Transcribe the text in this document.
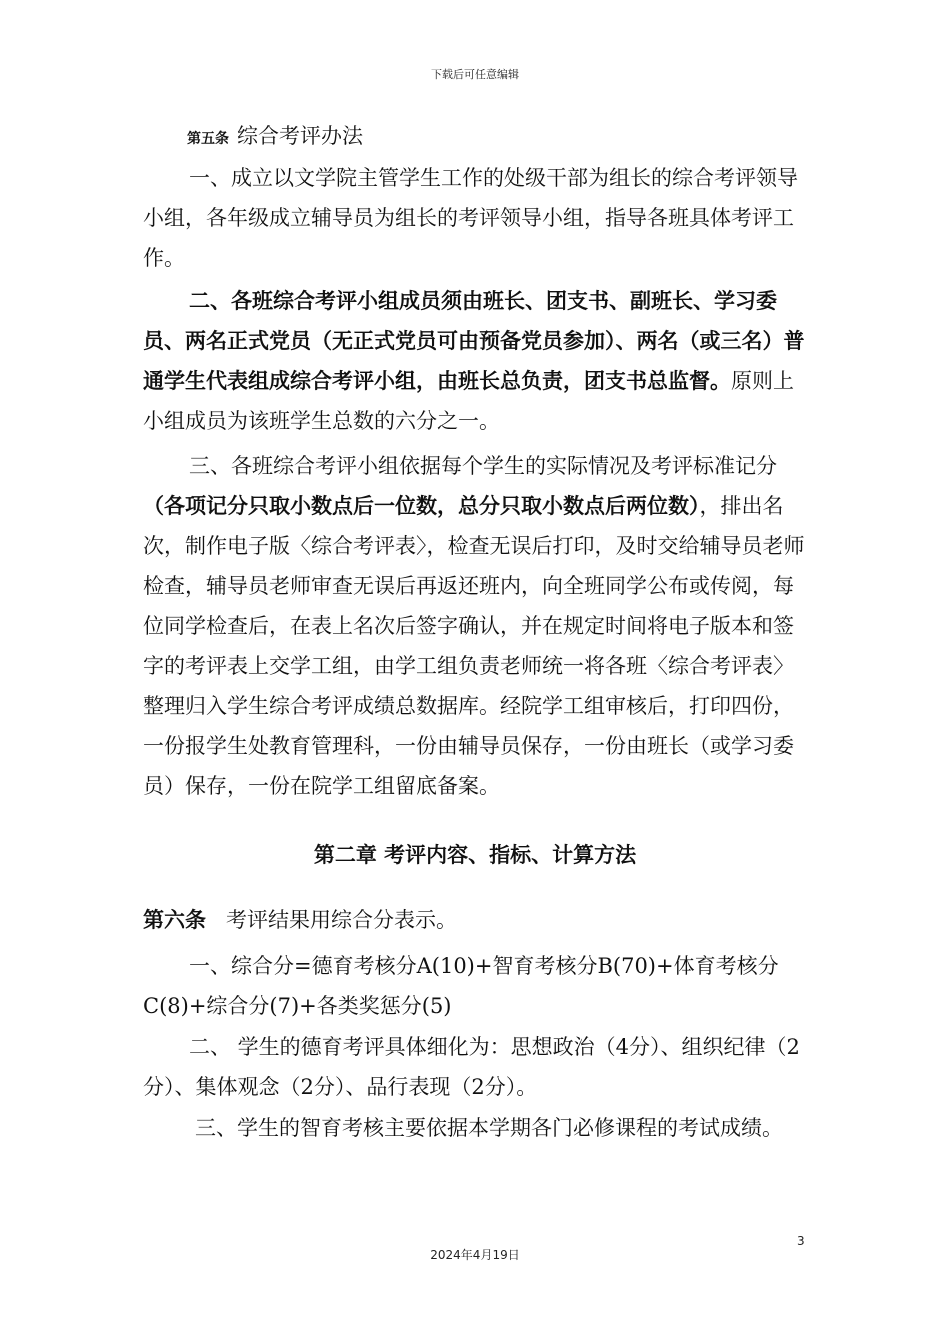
下载后可任意编辑
第五条 综合考评办法
一、成立以文学院主管学生工作的处级干部为组长的综合考评领导小组，各年级成立辅导员为组长的考评领导小组，指导各班具体考评工作。
二、各班综合考评小组成员须由班长、团支书、副班长、学习委员、两名正式党员（无正式党员可由预备党员参加）、两名（或三名）普通学生代表组成综合考评小组，由班长总负责，团支书总监督。原则上小组成员为该班学生总数的六分之一。
三、各班综合考评小组依据每个学生的实际情况及考评标准记分（各项记分只取小数点后一位数，总分只取小数点后两位数），排出名次，制作电子版〈综合考评表〉，检查无误后打印，及时交给辅导员老师检查，辅导员老师审查无误后再返还班内，向全班同学公布或传阅，每位同学检查后，在表上名次后签字确认，并在规定时间将电子版本和签字的考评表上交学工组，由学工组负责老师统一将各班〈综合考评表〉整理归入学生综合考评成绩总数据库。经院学工组审核后，打印四份，一份报学生处教育管理科，一份由辅导员保存，一份由班长（或学习委员）保存，一份在院学工组留底备案。
第二章 考评内容、指标、计算方法
第六条 考评结果用综合分表示。
一、综合分=德育考核分A(10)+智育考核分B(70)+体育考核分C(8)+综合分(7)+各类奖惩分(5)
二、 学生的德育考评具体细化为：思想政治（4分）、组织纪律（2分）、集体观念（2分）、品行表现（2分）。
三、学生的智育考核主要依据本学期各门必修课程的考试成绩。
3
2024年4月19日
